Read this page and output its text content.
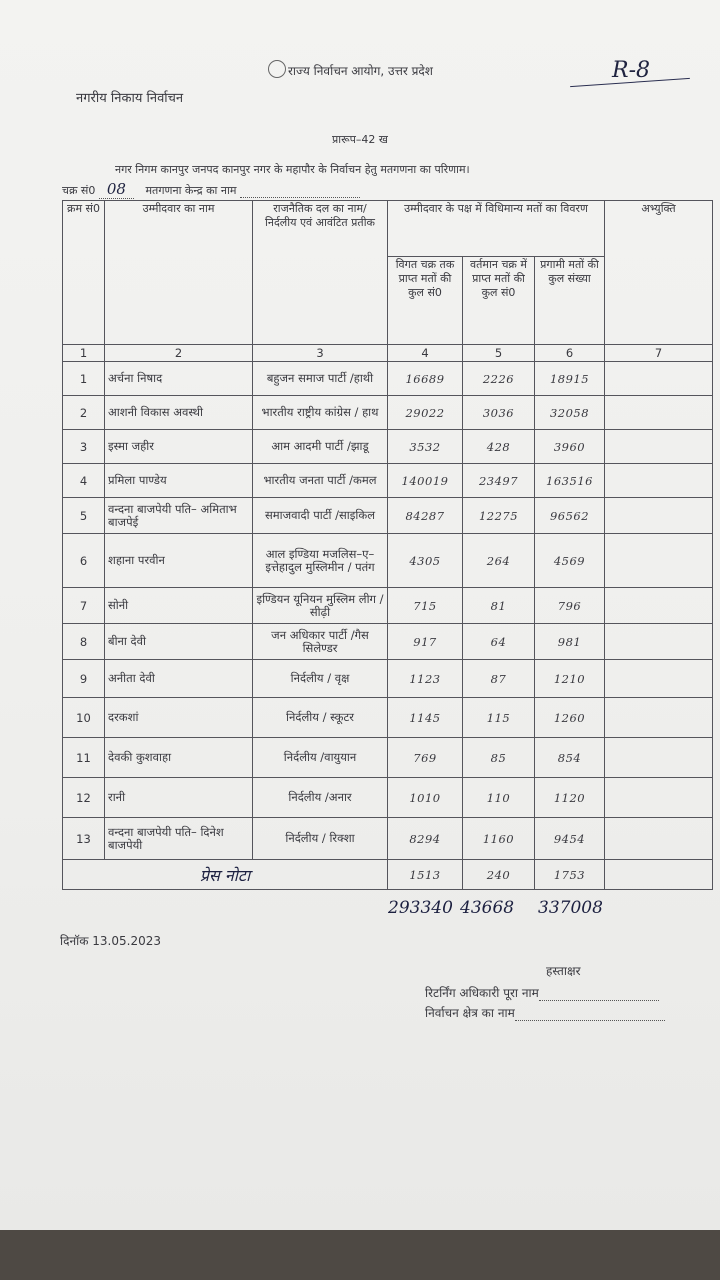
राज्य निर्वाचन आयोग, उत्तर प्रदेश	R-8
नगरीय निकाय निर्वाचन
प्रारूप–42 ख
नगर निगम कानपुर जनपद कानपुर नगर के महापौर के निर्वाचन हेतु मतगणना का परिणाम।
चक्र सं0 08 मतगणना केन्द्र का नाम
क्रम सं0	उम्मीदवार का नाम	राजनैतिक दल का नाम/ निर्दलीय एवं आवंटित प्रतीक	उम्मीदवार के पक्ष में विधिमान्य मतों का विवरण			अभ्युक्ति
			विगत चक्र तक प्राप्त मतों की कुल सं0	वर्तमान चक्र में प्राप्त मतों की कुल सं0	प्रगामी मतों की कुल संख्या	
1	2	3	4	5	6	7
1	अर्चना निषाद	बहुजन समाज पार्टी /हाथी	16689	2226	18915	
2	आशनी विकास अवस्थी	भारतीय राष्ट्रीय कांग्रेस / हाथ	29022	3036	32058	
3	इस्मा जहीर	आम आदमी पार्टी /झाडू	3532	428	3960	
4	प्रमिला पाण्डेय	भारतीय जनता पार्टी /कमल	140019	23497	163516	
5	वन्दना बाजपेयी पति– अमिताभ बाजपेई	समाजवादी पार्टी /साइकिल	84287	12275	96562	
6	शहाना परवीन	आल इण्डिया मजलिस–ए–इत्तेहादुल मुस्लिमीन / पतंग	4305	264	4569	
7	सोनी	इण्डियन यूनियन मुस्लिम लीग / सीढ़ी	715	81	796	
8	बीना देवी	जन अधिकार पार्टी /गैस सिलेण्डर	917	64	981	
9	अनीता देवी	निर्दलीय / वृक्ष	1123	87	1210	
10	दरकशां	निर्दलीय / स्कूटर	1145	115	1260	
11	देवकी कुशवाहा	निर्दलीय /वायुयान	769	85	854	
12	रानी	निर्दलीय /अनार	1010	110	1120	
13	वन्दना बाजपेयी पति– दिनेश बाजपेयी	निर्दलीय / रिक्शा	8294	1160	9454	
प्रेस नोटा			1513	240	1753	
293340 43668 337008
दिनॉक 13.05.2023
हस्ताक्षर
रिटर्निंग अधिकारी पूरा नाम
निर्वाचन क्षेत्र का नाम
